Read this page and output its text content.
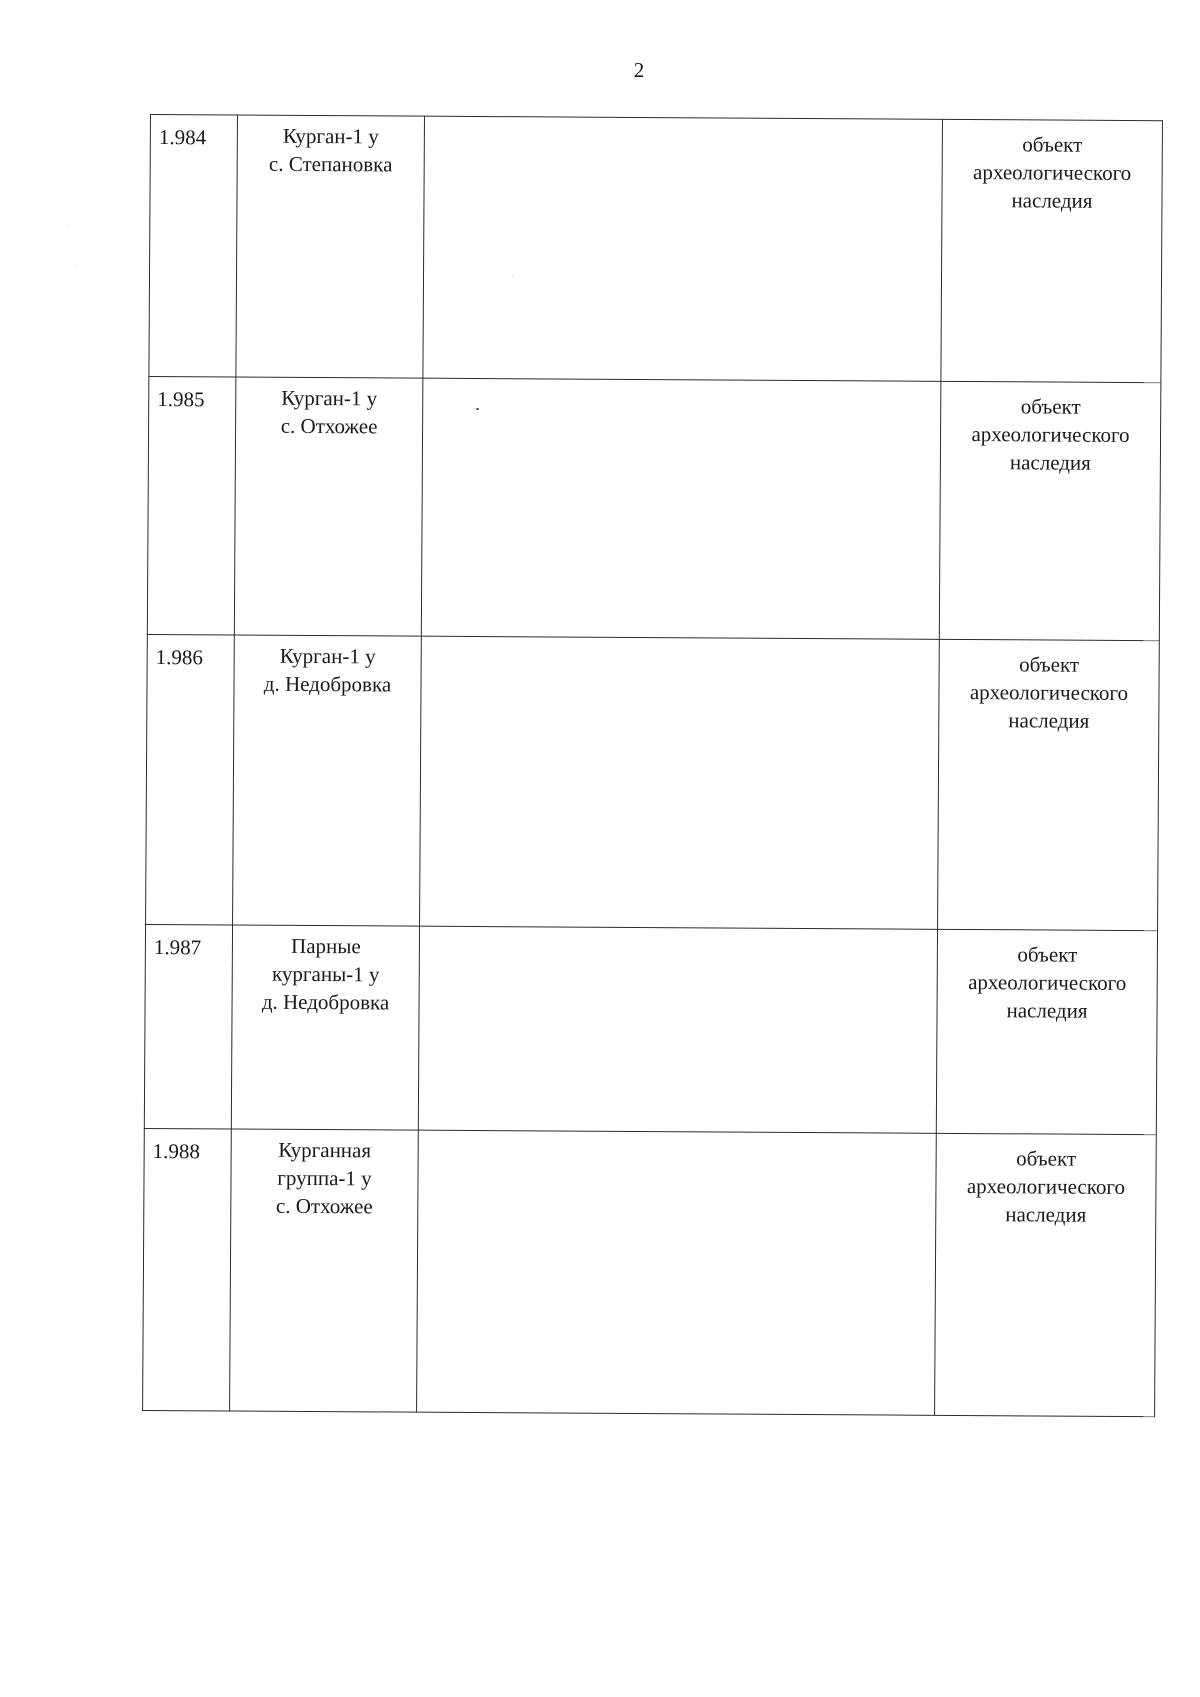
2
1.984	Курган-1 у
с. Степановка		объект
археологического
наследия

1.985	Курган-1 у
с. Отхожее		объект
археологического
наследия

1.986	Курган-1 у
д. Недобровка		объект
археологического
наследия

1.987	Парные
курганы-1 у
д. Недобровка		объект
археологического
наследия

1.988	Курганная
группа-1 у
с. Отхожее		объект
археологического
наследия
